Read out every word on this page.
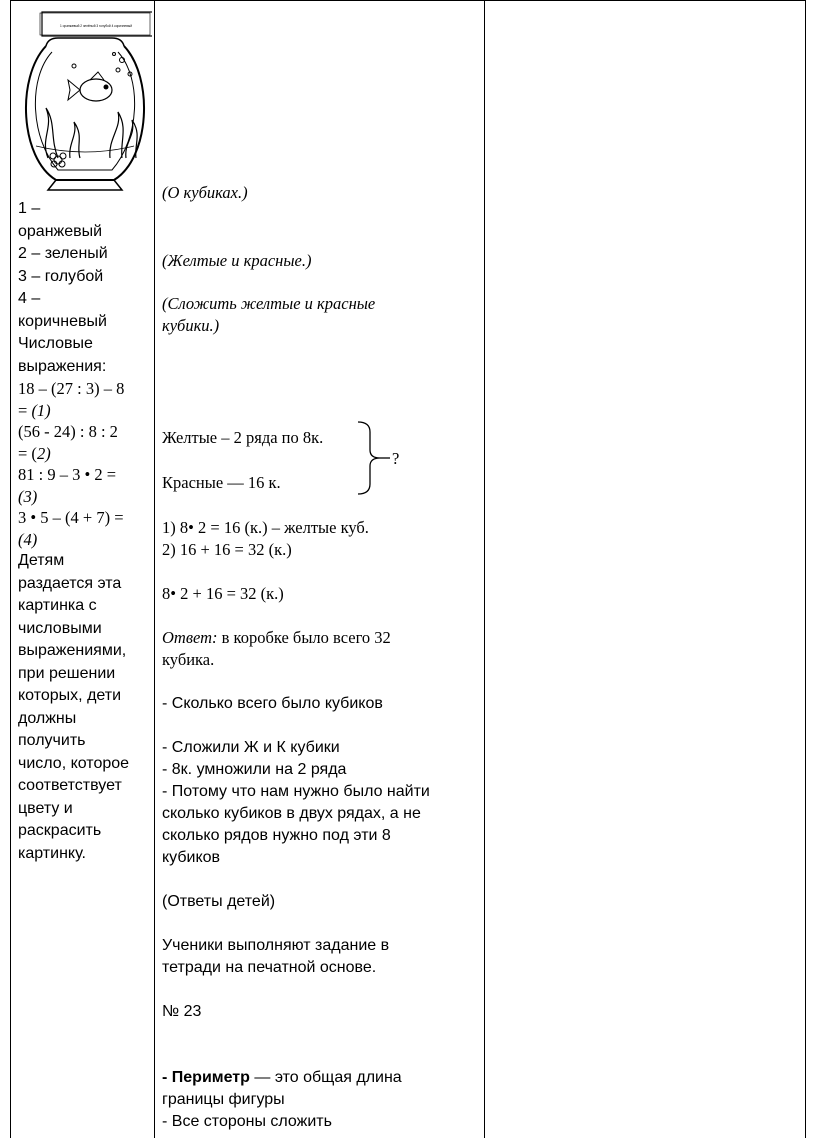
1 оранжевый 2 зелёный 3 голубой 4 коричневый

1 –

оранжевый

2 – зеленый

3 – голубой

4 –

коричневый

Числовые выражения:

18 – (27 : 3) – 8

= (1)

(56 - 24) : 8 : 2

= (2)

81 : 9 – 3 • 2 =

(3)

3 • 5 – (4 + 7) =

(4)

Детям

раздается эта

картинка с

числовыми

выражениями,

при решении

которых, дети

должны

получить

число, которое

соответствует

цвету и

раскрасить

картинку.

(О кубиках.)

(Желтые и красные.)

(Сложить желтые и красные

кубики.)

Желтые – 2 ряда по 8к.

Красные — 16 к.

?

1) 8• 2 = 16 (к.) – желтые куб.

2) 16 + 16 = 32 (к.)

8• 2 + 16 = 32 (к.)

Ответ: в коробке было всего 32

кубика.

- Сколько всего было кубиков

- Сложили Ж и К кубики

- 8к. умножили на 2 ряда

- Потому что нам нужно было найти

сколько кубиков в двух рядах, а не

сколько рядов нужно под эти 8

кубиков

(Ответы детей)

Ученики выполняют задание в

тетради на печатной основе.

№ 23

- Периметр — это общая длина

границы фигуры

- Все стороны сложить
